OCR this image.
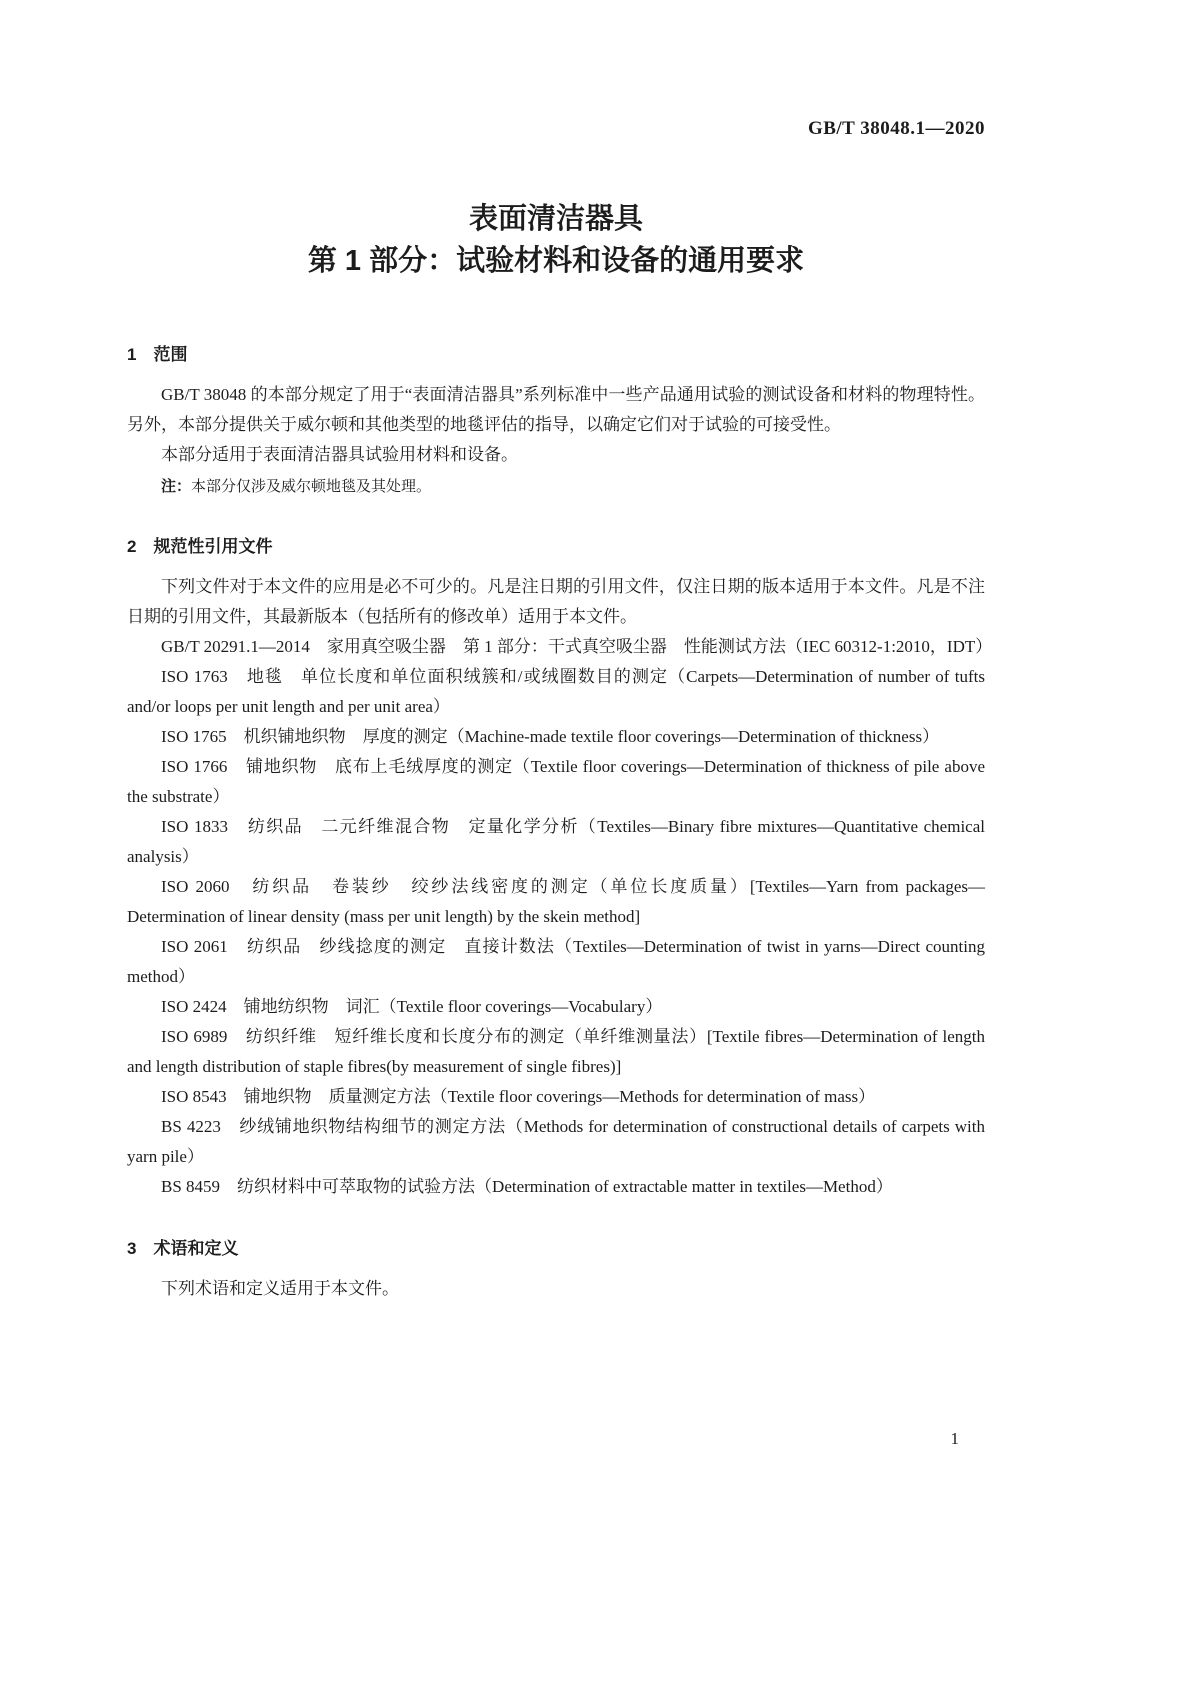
GB/T 38048.1—2020
表面清洁器具
第 1 部分：试验材料和设备的通用要求
1　范围

GB/T 38048 的本部分规定了用于“表面清洁器具”系列标准中一些产品通用试验的测试设备和材料的物理特性。另外，本部分提供关于威尔顿和其他类型的地毯评估的指导，以确定它们对于试验的可接受性。

本部分适用于表面清洁器具试验用材料和设备。

注：本部分仅涉及威尔顿地毯及其处理。

2　规范性引用文件

下列文件对于本文件的应用是必不可少的。凡是注日期的引用文件，仅注日期的版本适用于本文件。凡是不注日期的引用文件，其最新版本（包括所有的修改单）适用于本文件。

GB/T 20291.1—2014　家用真空吸尘器　第 1 部分：干式真空吸尘器　性能测试方法（IEC 60312-1:2010，IDT）

ISO 1763　地毯　单位长度和单位面积绒簇和/或绒圈数目的测定（Carpets—Determination of number of tufts and/or loops per unit length and per unit area）

ISO 1765　机织铺地织物　厚度的测定（Machine-made textile floor coverings—Determination of thickness）

ISO 1766　铺地织物　底布上毛绒厚度的测定（Textile floor coverings—Determination of thickness of pile above the substrate）

ISO 1833　纺织品　二元纤维混合物　定量化学分析（Textiles—Binary fibre mixtures—Quantitative chemical analysis）

ISO 2060　纺织品　卷装纱　绞纱法线密度的测定（单位长度质量）[Textiles—Yarn from packages—Determination of linear density (mass per unit length) by the skein method]

ISO 2061　纺织品　纱线捻度的测定　直接计数法（Textiles—Determination of twist in yarns—Direct counting method）

ISO 2424　铺地纺织物　词汇（Textile floor coverings—Vocabulary）

ISO 6989　纺织纤维　短纤维长度和长度分布的测定（单纤维测量法）[Textile fibres—Determination of length and length distribution of staple fibres(by measurement of single fibres)]

ISO 8543　铺地织物　质量测定方法（Textile floor coverings—Methods for determination of mass）

BS 4223　纱绒铺地织物结构细节的测定方法（Methods for determination of constructional details of carpets with yarn pile）

BS 8459　纺织材料中可萃取物的试验方法（Determination of extractable matter in textiles—Method）

3　术语和定义

下列术语和定义适用于本文件。

1
